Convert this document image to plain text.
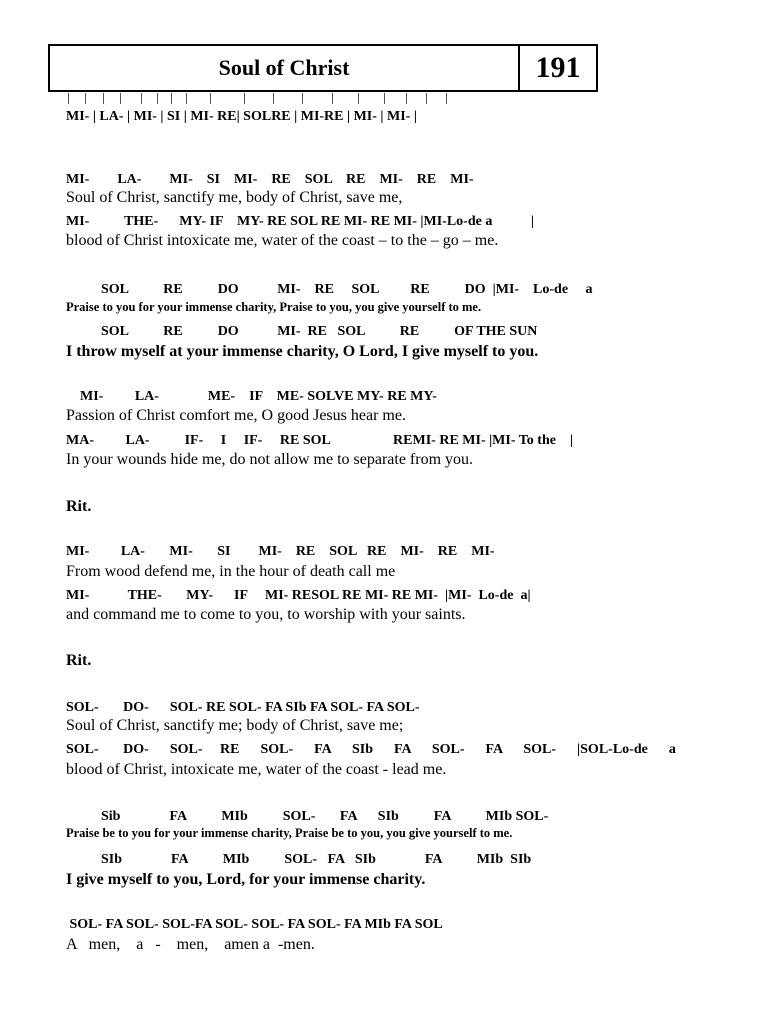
Soul of Christ	191
MI- | LA- | MI- | SI | MI- RE| SOLRE | MI-RE | MI- | MI- |
MI-        LA-        MI-    SI    MI-    RE    SOL    RE    MI-    RE    MI-
Soul of Christ, sanctify me, body of Christ, save me,
MI-          THE-      MY- IF    MY- RE SOL RE MI- RE MI- |MI-Lo-de a           |
blood of Christ intoxicate me, water of the coast – to the – go – me.
SOL          RE          DO           MI-    RE     SOL         RE          DO  |MI-    Lo-de     a
Praise to you for your immense charity, Praise to you, you give yourself to me.
SOL          RE          DO           MI-  RE   SOL          RE          OF THE SUN
I throw myself at your immense charity, O Lord, I give myself to you.
MI-         LA-              ME-    IF    ME- SOLVE MY- RE MY-
Passion of Christ comfort me, O good Jesus hear me.
MA-         LA-          IF-     I     IF-     RE SOL                  REMI- RE MI- |MI- To the    |
In your wounds hide me, do not allow me to separate from you.
Rit.
MI-         LA-       MI-       SI        MI-    RE    SOL   RE    MI-    RE    MI-
From wood defend me, in the hour of death call me
MI-           THE-       MY-      IF     MI- RESOL RE MI- RE MI-  |MI-  Lo-de  a|
and command me to come to you, to worship with your saints.
Rit.
SOL-       DO-      SOL- RE SOL- FA SIb FA SOL- FA SOL-
Soul of Christ, sanctify me; body of Christ, save me;
SOL-       DO-      SOL-     RE      SOL-      FA      SIb      FA      SOL-      FA      SOL-      |SOL-Lo-de      a
blood of Christ, intoxicate me, water of the coast - lead me.
Sib              FA          MIb          SOL-       FA      SIb          FA          MIb SOL-
Praise be to you for your immense charity, Praise be to you, you give yourself to me.
SIb              FA          MIb          SOL-   FA   SIb              FA          MIb  SIb
I give myself to you, Lord, for your immense charity.
SOL- FA SOL- SOL-FA SOL- SOL- FA SOL- FA MIb FA SOL
A   men,    a   -    men,    amen a  -men.
